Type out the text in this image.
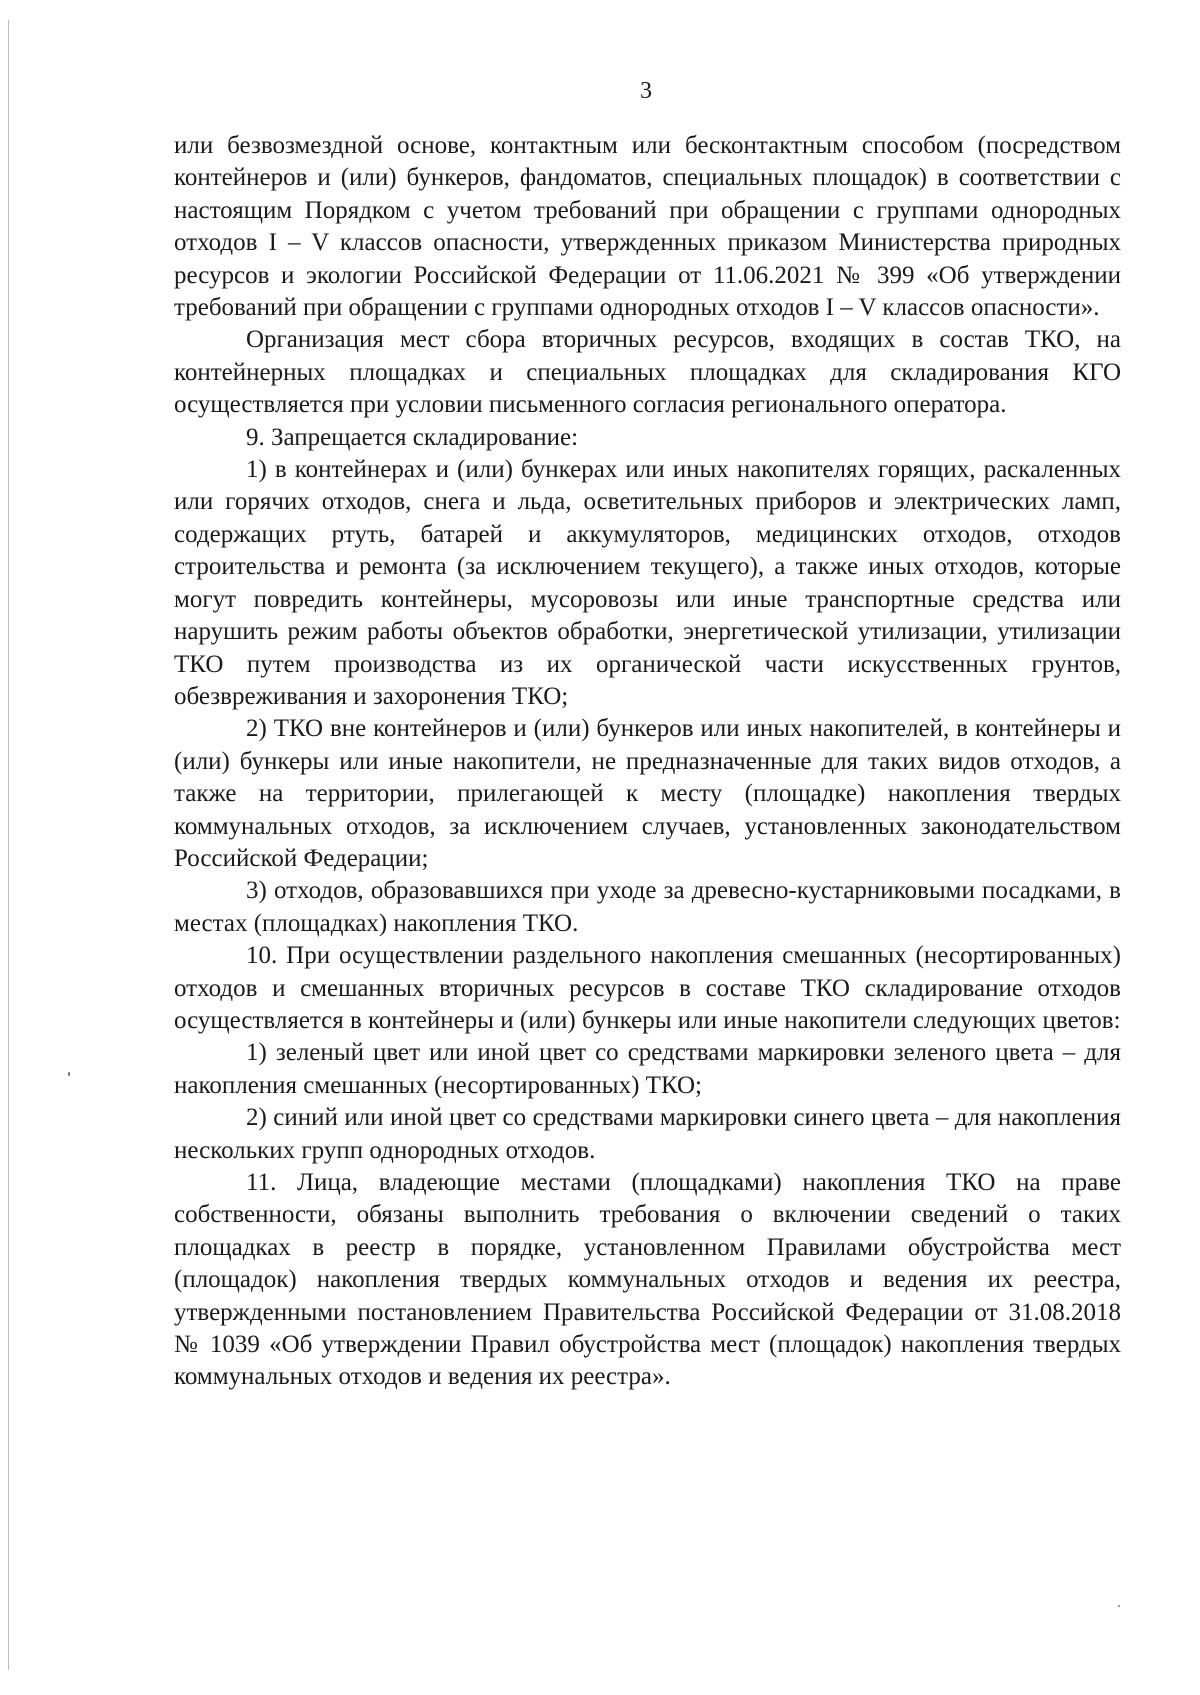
3

или безвозмездной основе, контактным или бесконтактным способом (посредством контейнеров и (или) бункеров, фандоматов, специальных площадок) в соответствии с настоящим Порядком с учетом требований при обращении с группами однородных отходов I – V классов опасности, утвержденных приказом Министерства природных ресурсов и экологии Российской Федерации от 11.06.2021 № 399 «Об утверждении требований при обращении с группами однородных отходов I – V классов опасности».

Организация мест сбора вторичных ресурсов, входящих в состав ТКО, на контейнерных площадках и специальных площадках для складирования КГО осуществляется при условии письменного согласия регионального оператора.

9. Запрещается складирование:

1) в контейнерах и (или) бункерах или иных накопителях горящих, раскаленных или горячих отходов, снега и льда, осветительных приборов и электрических ламп, содержащих ртуть, батарей и аккумуляторов, медицинских отходов, отходов строительства и ремонта (за исключением текущего), а также иных отходов, которые могут повредить контейнеры, мусоровозы или иные транспортные средства или нарушить режим работы объектов обработки, энергетической утилизации, утилизации ТКО путем производства из их органической части искусственных грунтов, обезвреживания и захоронения ТКО;

2) ТКО вне контейнеров и (или) бункеров или иных накопителей, в контейнеры и (или) бункеры или иные накопители, не предназначенные для таких видов отходов, а также на территории, прилегающей к месту (площадке) накопления твердых коммунальных отходов, за исключением случаев, установленных законодательством Российской Федерации;

3) отходов, образовавшихся при уходе за древесно-кустарниковыми посадками, в местах (площадках) накопления ТКО.

10. При осуществлении раздельного накопления смешанных (несортированных) отходов и смешанных вторичных ресурсов в составе ТКО складирование отходов осуществляется в контейнеры и (или) бункеры или иные накопители следующих цветов:

1) зеленый цвет или иной цвет со средствами маркировки зеленого цвета – для накопления смешанных (несортированных) ТКО;

2) синий или иной цвет со средствами маркировки синего цвета – для накопления нескольких групп однородных отходов.

11. Лица, владеющие местами (площадками) накопления ТКО на праве собственности, обязаны выполнить требования о включении сведений о таких площадках в реестр в порядке, установленном Правилами обустройства мест (площадок) накопления твердых коммунальных отходов и ведения их реестра, утвержденными постановлением Правительства Российской Федерации от 31.08.2018 № 1039 «Об утверждении Правил обустройства мест (площадок) накопления твердых коммунальных отходов и ведения их реестра».
